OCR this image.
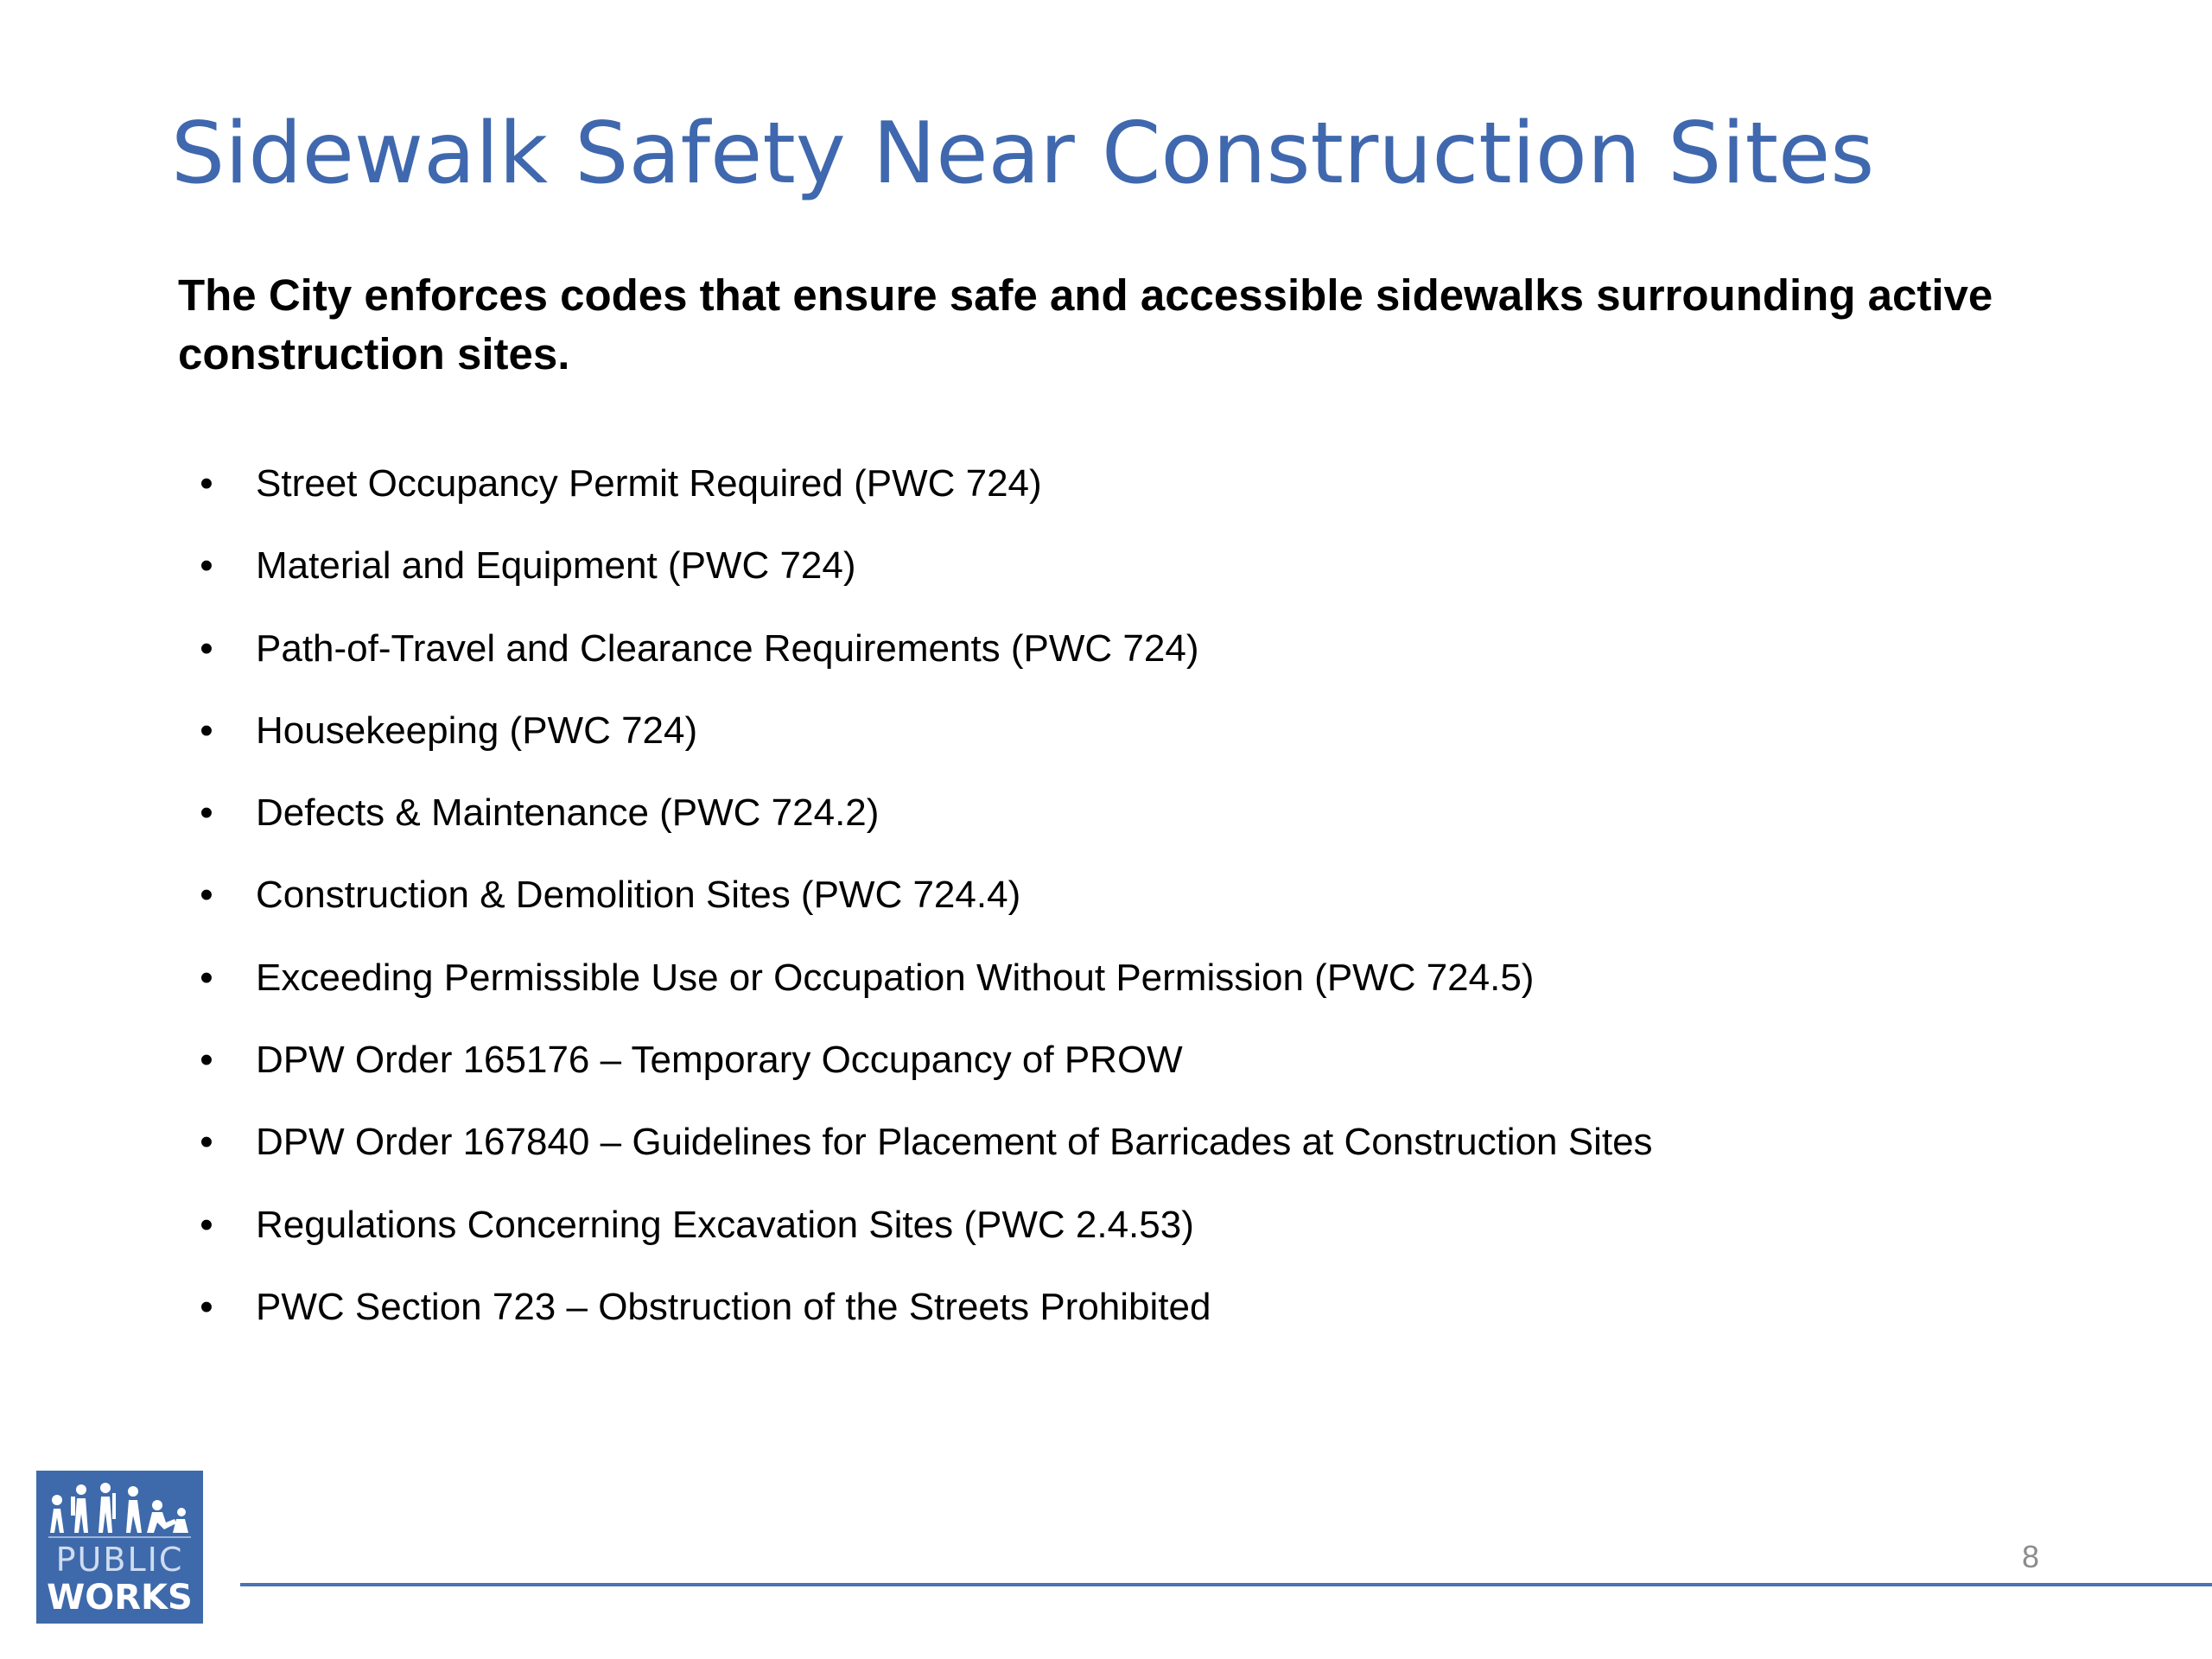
Sidewalk Safety Near Construction Sites

The City enforces codes that ensure safe and accessible sidewalks surrounding active construction sites.

• Street Occupancy Permit Required (PWC 724)
• Material and Equipment (PWC 724)
• Path-of-Travel and Clearance Requirements (PWC 724)
• Housekeeping (PWC 724)
• Defects & Maintenance (PWC 724.2)
• Construction & Demolition Sites (PWC 724.4)
• Exceeding Permissible Use or Occupation Without Permission (PWC 724.5)
• DPW Order 165176 – Temporary Occupancy of PROW
• DPW Order 167840 – Guidelines for Placement of Barricades at Construction Sites
• Regulations Concerning Excavation Sites (PWC 2.4.53)
• PWC Section 723 – Obstruction of the Streets Prohibited
PUBLIC
WORKS
8
